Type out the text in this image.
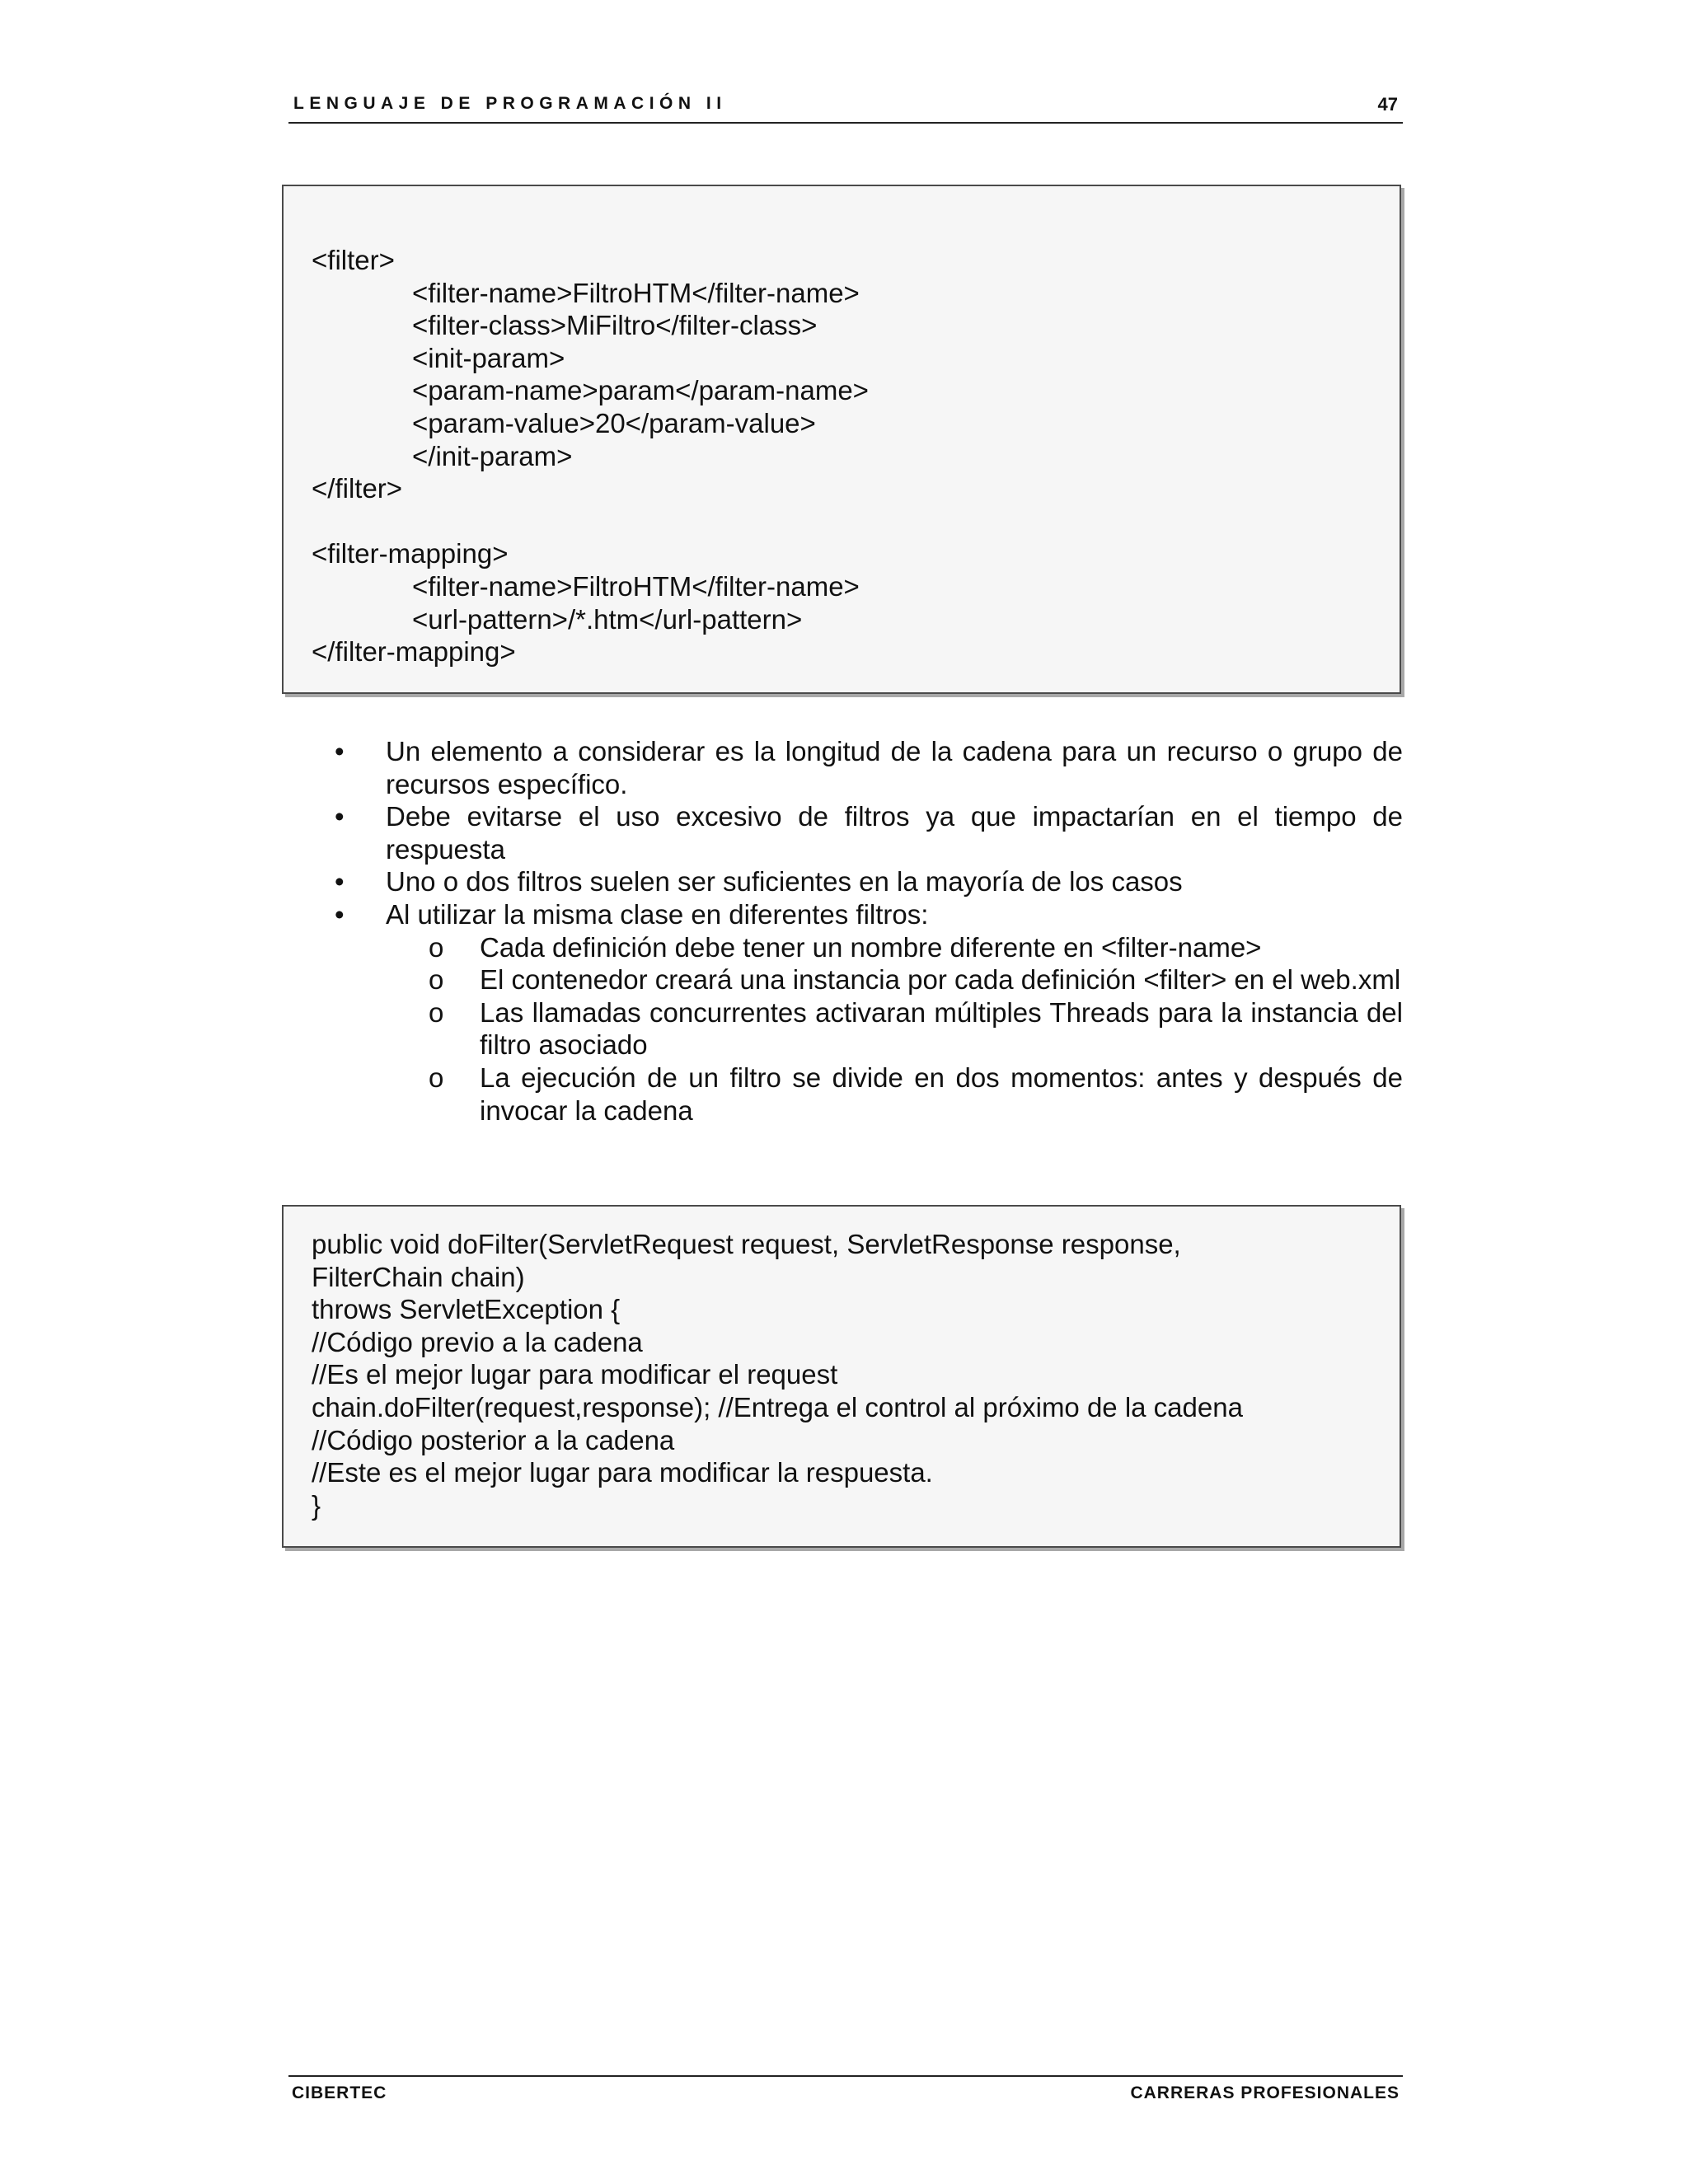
LENGUAJE DE PROGRAMACIÓN II	47
<filter>
<filter-name>FiltroHTM</filter-name>
<filter-class>MiFiltro</filter-class>
<init-param>
<param-name>param</param-name>
<param-value>20</param-value>
</init-param>
</filter>
<filter-mapping>
<filter-name>FiltroHTM</filter-name>
<url-pattern>/*.htm</url-pattern>
</filter-mapping>
• Un elemento a considerar es la longitud de la cadena para un recurso o grupo de recursos específico.
• Debe evitarse el uso excesivo de filtros ya que impactarían en el tiempo de respuesta
• Uno o dos filtros suelen ser suficientes en la mayoría de los casos
• Al utilizar la misma clase en diferentes filtros:
o Cada definición debe tener un nombre diferente en <filter-name>
o El contenedor creará una instancia por cada definición <filter> en el web.xml
o Las llamadas concurrentes activaran múltiples Threads para la instancia del filtro asociado
o La ejecución de un filtro se divide en dos momentos: antes y después de invocar la cadena
public void doFilter(ServletRequest request, ServletResponse response,
FilterChain chain)
throws ServletException {
//Código previo a la cadena
//Es el mejor lugar para modificar el request
chain.doFilter(request,response); //Entrega el control al próximo de la cadena
//Código posterior a la cadena
//Este es el mejor lugar para modificar la respuesta.
}
CIBERTEC	CARRERAS PROFESIONALES
